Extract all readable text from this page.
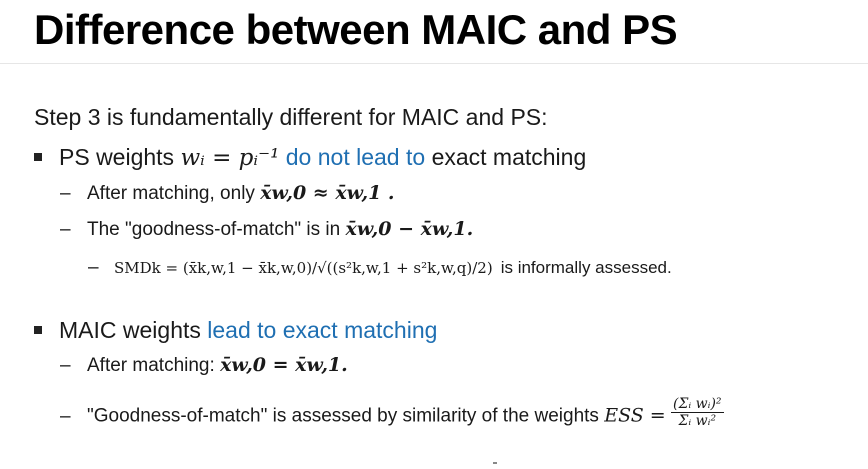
Difference between MAIC and PS
Step 3 is fundamentally different for MAIC and PS:
PS weights wᵢ = pᵢ⁻¹ do not lead to exact matching
– After matching, only x̄w,0 ≈ x̄w,1 .
– The "goodness-of-match" is in x̄w,0 − x̄w,1.
– SMDk = (x̄k,w,1 − x̄k,w,0)/√((s²k,w,1 + s²k,w,q)/2) is informally assessed.
MAIC weights lead to exact matching
– After matching: x̄w,0 = x̄w,1.
– "Goodness-of-match" is assessed by similarity of the weights ESS = $\frac{\text{(Σᵢ wᵢ)²}}{\text{Σᵢ wᵢ²}}$
